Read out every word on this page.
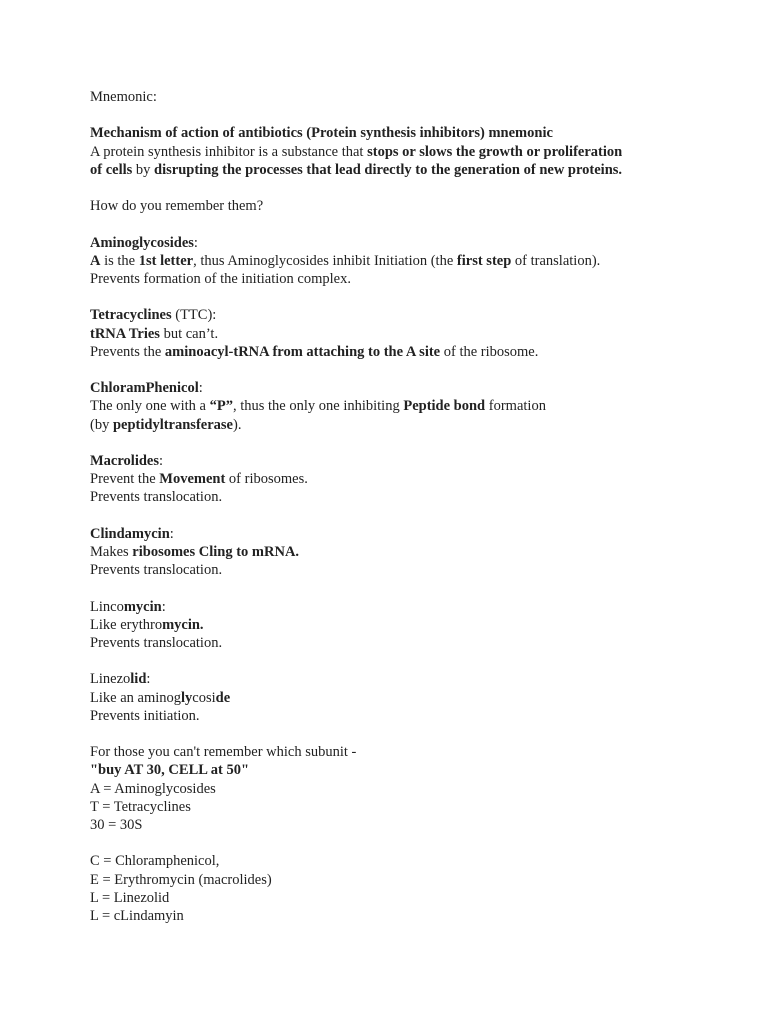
Mnemonic:
Mechanism of action of antibiotics (Protein synthesis inhibitors) mnemonic
A protein synthesis inhibitor is a substance that stops or slows the growth or proliferation
of cells by disrupting the processes that lead directly to the generation of new proteins.
How do you remember them?
Aminoglycosides:
A is the 1st letter, thus Aminoglycosides inhibit Initiation (the first step of translation).
Prevents formation of the initiation complex.
Tetracyclines (TTC):
tRNA Tries but can’t.
Prevents the aminoacyl-tRNA from attaching to the A site of the ribosome.
ChloramPhenicol:
The only one with a “P”, thus the only one inhibiting Peptide bond formation
(by peptidyltransferase).
Macrolides:
Prevent the Movement of ribosomes.
Prevents translocation.
Clindamycin:
Makes ribosomes Cling to mRNA.
Prevents translocation.
Lincomycin:
Like erythromycin.
Prevents translocation.
Linezolid:
Like an aminoglycoside
Prevents initiation.
For those you can't remember which subunit -
"buy AT 30, CELL at 50"
A = Aminoglycosides
T = Tetracyclines
30 = 30S
C = Chloramphenicol,
E = Erythromycin (macrolides)
L = Linezolid
L = cLindamyin
